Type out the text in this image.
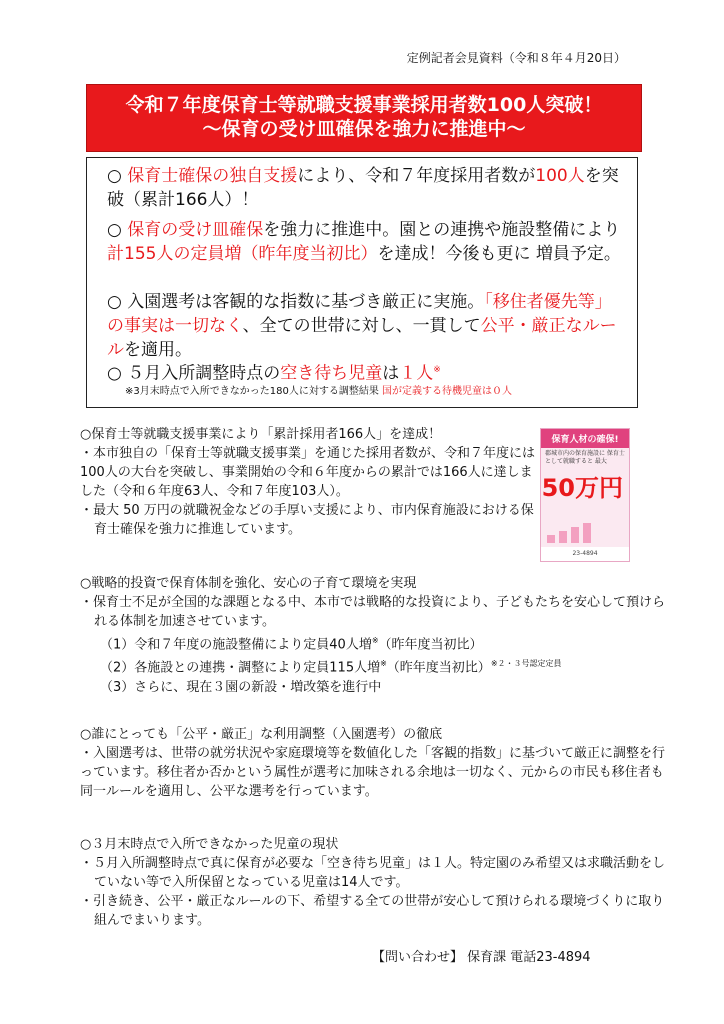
定例記者会見資料（令和８年４月20日）
令和７年度保育士等就職支援事業採用者数100人突破！
〜保育の受け皿確保を強力に推進中〜
○ 保育士確保の独自支援により、令和７年度採用者数が100人を突破（累計166人）！
○ 保育の受け皿確保を強力に推進中。園との連携や施設整備により計155人の定員増（昨年度当初比）を達成！今後も更に 増員予定。
○ 入園選考は客観的な指数に基づき厳正に実施。「移住者優先等」の事実は一切なく、全ての世帯に対し、一貫して公平・厳正なルールを適用。
○ ５月入所調整時点の空き待ち児童は１人※
※3月末時点で入所できなかった180人に対する調整結果 国が定義する待機児童は０人

○保育士等就職支援事業により「累計採用者166人」を達成！

・本市独自の「保育士等就職支援事業」を通じた採用者数が、令和７年度には100人の大台を突破し、事業開始の令和６年度からの累計では166人に達しました（令和６年度63人、令和７年度103人）。

・最大 50 万円の就職祝金などの手厚い支援により、市内保育施設における保育士確保を強力に推進しています。

保育人材の確保!
郡城市内の保育施設に 保育士として就職すると 最大
50万円
23-4894

○戦略的投資で保育体制を強化、安心の子育て環境を実現

・保育士不足が全国的な課題となる中、本市では戦略的な投資により、子どもたちを安心して預けられる体制を加速させています。

（1）令和７年度の施設整備により定員40人増※（昨年度当初比）

（2）各施設との連携・調整により定員115人増※（昨年度当初比）$^{※2・3号認定定員}$

（3）さらに、現在３園の新設・増改築を進行中

○誰にとっても「公平・厳正」な利用調整（入園選考）の徹底

・入園選考は、世帯の就労状況や家庭環境等を数値化した「客観的指数」に基づいて厳正に調整を行っています。移住者か否かという属性が選考に加味される余地は一切なく、元からの市民も移住者も同一ルールを適用し、公平な選考を行っています。

○３月末時点で入所できなかった児童の現状

・５月入所調整時点で真に保育が必要な「空き待ち児童」は１人。特定園のみ希望又は求職活動をしていない等で入所保留となっている児童は14人です。

・引き続き、公平・厳正なルールの下、希望する全ての世帯が安心して預けられる環境づくりに取り組んでまいります。

【問い合わせ】 保育課 電話23-4894
